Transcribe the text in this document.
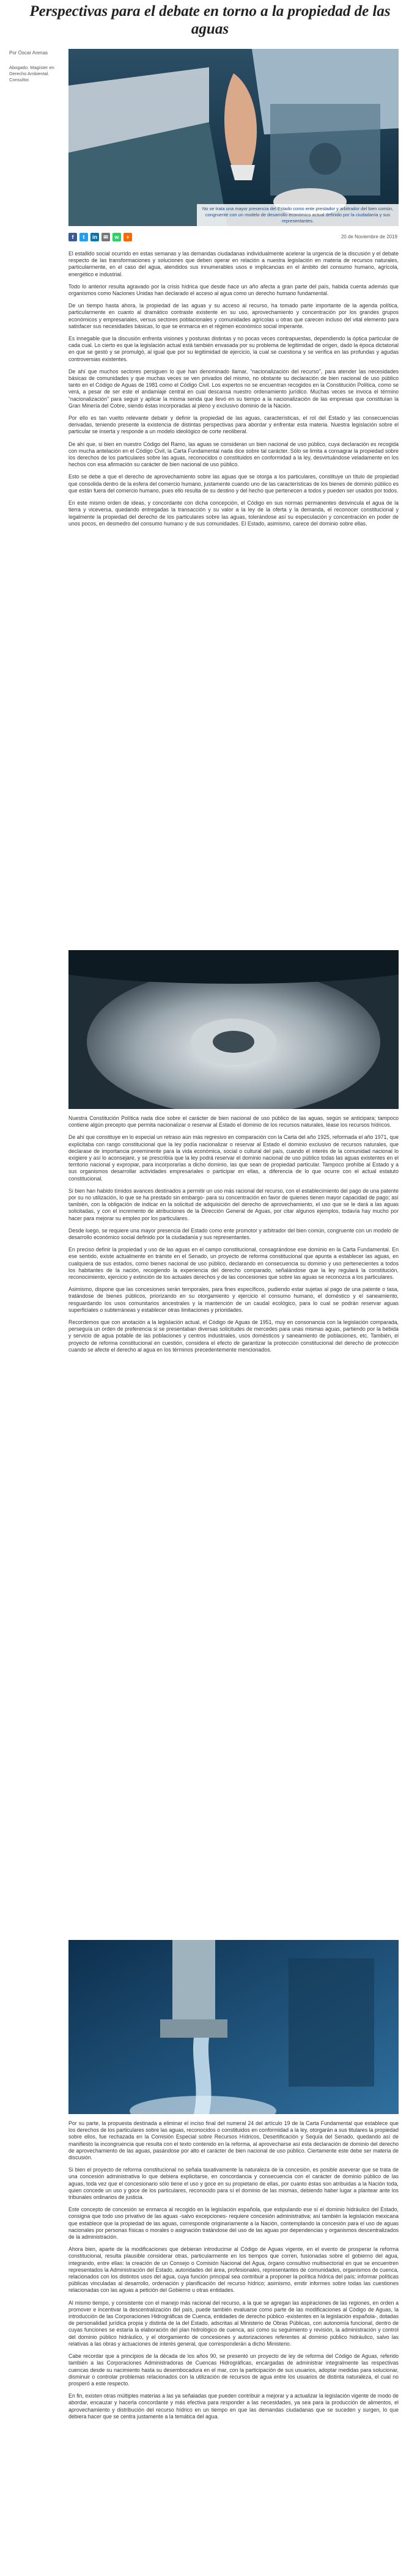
Perspectivas para el debate en torno a la propiedad de las aguas
Por Óscar Arenas
Abogado. Magíster en Derecho Ambiental. Consultor.
No se trata una mayor presencia del Estado como ente prestador y arbitrador del bien común, congruente con un modelo de desarrollo económico actual definido por la ciudadanía y sus representantes.
f	t	in	✉	w	+	20 de Noviembre de 2019

El estallido social ocurrido en estas semanas y las demandas ciudadanas individualmente acelerar la urgencia de la discusión y el debate respecto de las transformaciones y soluciones que deben operar en relación a nuestra legislación en materia de recursos naturales, particularmente, en el caso del agua, atendidos sus innumerables usos e implicancias en el ámbito del consumo humano, agrícola, energético e industrial.

Todo lo anterior resulta agravado por la crisis hídrica que desde hace un año afecta a gran parte del país, habida cuenta además que organismos como Naciones Unidas han declarado el acceso al agua como un derecho humano fundamental.

De un tiempo hasta ahora, la propiedad de las aguas y su acceso al recurso, ha tomado parte importante de la agenda política, particularmente en cuanto al dramático contraste existente en su uso, aprovechamiento y concentración por los grandes grupos económicos y empresariales, versus sectores poblacionales y comunidades agrícolas u otras que carecen incluso del vital elemento para satisfacer sus necesidades básicas, lo que se enmarca en el régimen económico social imperante.

Es innegable que la discusión enfrenta visiones y posturas distintas y no pocas veces contrapuestas, dependiendo la óptica particular de cada cual. Lo cierto es que la legislación actual está también envasada por su problema de legitimidad de origen, dado la época dictatorial en que se gestó y se promulgó, al igual que por su legitimidad de ejercicio, la cual se cuestiona y se verifica en las profundas y agudas controversias existentes.

De ahí que muchos sectores persiguen lo que han denominado llamar, “nacionalización del recurso”, para atender las necesidades básicas de comunidades y que muchas veces se ven privados del mismo, no obstante su declaración de bien nacional de uso público tanto en el Código de Aguas de 1981 como el Código Civil. Los expertos no se encuentran recogidos en la Constitución Política, como se verá, a pesar de ser este el andamiaje central en cual descansa nuestro ordenamiento jurídico. Muchas veces se invoca el término “nacionalización” para seguir y aplicar la misma senda que llevó en su tiempo a la nacionalización de las empresas que constituían la Gran Minería del Cobre, siendo éstas incorporadas al pleno y exclusivo dominio de la Nación.

Por ello es tan vuelto relevante debatir y definir la propiedad de las aguas, características, el rol del Estado y las consecuencias derivadas, teniendo presente la existencia de distintas perspectivas para abordar y enfrentar esta materia. Nuestra legislación sobre el particular se inserta y responde a un modelo ideológico de corte neoliberal.

De ahí que, si bien en nuestro Código del Ramo, las aguas se consideran un bien nacional de uso público, cuya declaración es recogida con mucha antelación en el Código Civil, la Carta Fundamental nada dice sobre tal carácter. Sólo se limita a consagrar la propiedad sobre los derechos de los particulares sobre las aguas, reconocidos o constituidos en conformidad a la ley, desvirtuándose veladamente en los hechos con esa afirmación su carácter de bien nacional de uso público.

Esto se debe a que el derecho de aprovechamiento sobre las aguas que se otorga a los particulares, constituye un título de propiedad que consolida dentro de la esfera del comercio humano, justamente cuando uno de las características de los bienes de dominio público es que están fuera del comercio humano, pues ello resulta de su destino y del hecho que pertenecen a todos y pueden ser usados por todos.

En este mismo orden de ideas, y concordante con dicha concepción, el Código en sus normas permanentes desvincula el agua de la tierra y viceversa, quedando entregadas la transacción y su valor a la ley de la oferta y la demanda, el reconocer constitucional y legalmente la propiedad del derecho de los particulares sobre las aguas, tolerándose así su especulación y concentración en poder de unos pocos, en desmedro del consumo humano y de sus comunidades. El Estado, asimismo, carece del dominio sobre ellas.

Nuestra Constitución Política nada dice sobre el carácter de bien nacional de uso público de las aguas, según se anticipara; tampoco contiene algún precepto que permita nacionalizar o reservar al Estado el dominio de los recursos naturales, léase los recursos hídricos.

De ahí que constituye en lo especial un retraso aún más regresivo en comparación con la Carta del año 1925, reformada el año 1971, que explicitaba con rango constitucional que la ley podía nacionalizar o reservar al Estado el dominio exclusivo de recursos naturales, que declarase de importancia preeminente para la vida económica, social o cultural del país, cuando el interés de la comunidad nacional lo exigiere y así lo aconsejare, y se prescribía que la ley podrá reservar el dominio nacional de uso público todas las aguas existentes en el territorio nacional y expropiar, para incorporarlas a dicho dominio, las que sean de propiedad particular. Tampoco prohíbe al Estado y a sus organismos desarrollar actividades empresariales o participar en ellas, a diferencia de lo que ocurre con el actual estatuto constitucional.

Si bien han habido tímidos avances destinados a permitir un uso más racional del recurso, con el establecimiento del pago de una patente por su no utilización, lo que se ha prestado sin embargo- para su concentración en favor de quienes tienen mayor capacidad de pago; así también, con la obligación de indicar en la solicitud de adquisición del derecho de aprovechamiento, el uso que se le dará a las aguas solicitadas, y con el incremento de atribuciones de la Dirección General de Aguas, por citar algunos ejemplos, todavía hay mucho por hacer para mejorar su empleo por los particulares.

Desde luego, se requiere una mayor presencia del Estado como ente promotor y arbitrador del bien común, congruente con un modelo de desarrollo económico social definido por la ciudadanía y sus representantes.

En preciso definir la propiedad y uso de las aguas en el campo constitucional, consagrándose ese dominio en la Carta Fundamental. En ese sentido, existe actualmente en trámite en el Senado, un proyecto de reforma constitucional que apunta a establecer las aguas, en cualquiera de sus estados, como bienes nacional de uso público, declarando en consecuencia su dominio y uso pertenecientes a todos los habitantes de la nación, recogiendo la experiencia del derecho comparado, señalándose que la ley regulará la constitución, reconocimiento, ejercicio y extinción de los actuales derechos y de las concesiones que sobre las aguas se reconozca a los particulares.

Asimismo, dispone que las concesiones serán temporales, para fines específicos, pudiendo estar sujetas al pago de una patente o tasa, tratándose de bienes públicos, priorizando en su otorgamiento y ejercicio el consumo humano, el doméstico y el saneamiento, resguardando los usos comunitarios ancestrales y la mantención de un caudal ecológico, para lo cual se podrán reservar aguas superficiales o subterráneas y establecer otras limitaciones y prioridades.

Recordemos que con anotación a la legislación actual, el Código de Aguas de 1951, muy en consonancia con la legislación comparada, perseguía un orden de preferencia si se presentaban diversas solicitudes de mercedes para unas mismas aguas, partiendo por la bebida y servicio de agua potable de las poblaciones y centros industriales, usos domésticos y saneamiento de poblaciones, etc. También, el proyecto de reforma constitucional en cuestión, considera el efecto de garantizar la protección constitucional del derecho de protección cuando se afecte el derecho al agua en los términos precedentemente mencionados.

Por su parte, la propuesta destinada a eliminar el inciso final del numeral 24 del artículo 19 de la Carta Fundamental que establece que los derechos de los particulares sobre las aguas, reconocidos o constituidos en conformidad a la ley, otorgarán a sus titulares la propiedad sobre ellos, fue rechazada en la Comisión Especial sobre Recursos Hídricos, Desertificación y Sequía del Senado, quedando así de manifiesto la incongruencia que resulta con el texto contenido en la reforma, al aprovecharse así esta declaración de dominio del derecho de aprovechamiento de las aguas, pasándose por alto el carácter de bien nacional de uso público. Ciertamente este debe ser materia de discusión.

Si bien el proyecto de reforma constitucional no señala taxativamente la naturaleza de la concesión, es posible aseverar que se trata de una concesión administrativa lo que debiera explicitarse, en concordancia y consecuencia con el carácter de dominio público de las aguas, toda vez que el concesionario sólo tiene el uso y goce en su propietario de ellas, por cuanto éstas son atribuidas a la Nación toda, quien concede un uso y goce de los particulares, reconocido para sí el dominio de las mismas, debiendo haber lugar a plantear ante los tribunales ordinarios de justicia.

Este concepto de concesión se enmarca al recogido en la legislación española, que estipulando ese sí el dominio hidráulico del Estado, consigna que todo uso privativo de las aguas -salvo excepciones- requiere concesión administrativa; así también la legislación mexicana que establece que la propiedad de las aguas, corresponde originariamente a la Nación, contemplando la concesión para el uso de aguas nacionales por personas físicas o morales o asignación tratándose del uso de las aguas por dependencias y organismos descentralizados de la administración.

Ahora bien, aparte de la modificaciones que debieran introducirse al Código de Aguas vigente, en el evento de prosperar la reforma constitucional, resulta plausible considerar otras, particularmente en los tiempos que corren, fusionadas sobre el gobierno del agua, integrando, entre ellas: la creación de un Consejo o Comisión Nacional del Agua, órgano consultivo multisectorial en que se encuentren representados la Administración del Estado, autoridades del área, profesionales, representantes de comunidades, organismos de cuenca, relacionados con los distintos usos del agua, cuya función principal sea contribuir a proponer la política hídrica del país; informar políticas públicas vinculadas al desarrollo, ordenación y planificación del recurso hídrico; asimismo, emitir informes sobre todas las cuestiones relacionadas con las aguas a petición del Gobierno u otras entidades.

Al mismo tiempo, y consistente con el manejo más racional del recurso, a la que se agregan las aspiraciones de las regiones, en orden a promover e incentivar la descentralización del país, puede también evaluarse como parte de las modificaciones al Código de Aguas, la introducción de las Corporaciones Hidrográficas de Cuenca, entidades de derecho público -existentes en la legislación española-, dotadas de personalidad jurídica propia y distinta de la del Estado, adscritas al Ministerio de Obras Públicas, con autonomía funcional, dentro de cuyas funciones se estaría la elaboración del plan hidrológico de cuenca, así como su seguimiento y revisión, la administración y control del dominio público hidráulico, y el otorgamiento de concesiones y autorizaciones referentes al dominio público hidráulico, salvo las relativas a las obras y actuaciones de interés general, que corresponderán a dicho Ministerio.

Cabe recordar que a principios de la década de los años 90, se presentó un proyecto de ley de reforma del Código de Aguas, referido también a las Corporaciones Administradoras de Cuencas Hidrográficas, encargadas de administrar integralmente las respectivas cuencas desde su nacimiento hasta su desembocadura en el mar, con la participación de sus usuarios, adoptar medidas para solucionar, disminuir o controlar problemas relacionados con la utilización de recursos de agua entre los usuarios de distinta naturaleza, el cual no prosperó a este respecto.

En fin, existen otras múltiples materias a las ya señaladas que pueden contribuir a mejorar y a actualizar la legislación vigente de modo de abordar, encauzar y hacerla concordante y más efectiva para responder a las necesidades, ya sea para la producción de alimentos, el aprovechamiento y distribución del recurso hídrico en un tiempo en que las demandas ciudadanas que se suceden y surgen, lo que debiera hacer que se centra justamente a la temática del agua.
